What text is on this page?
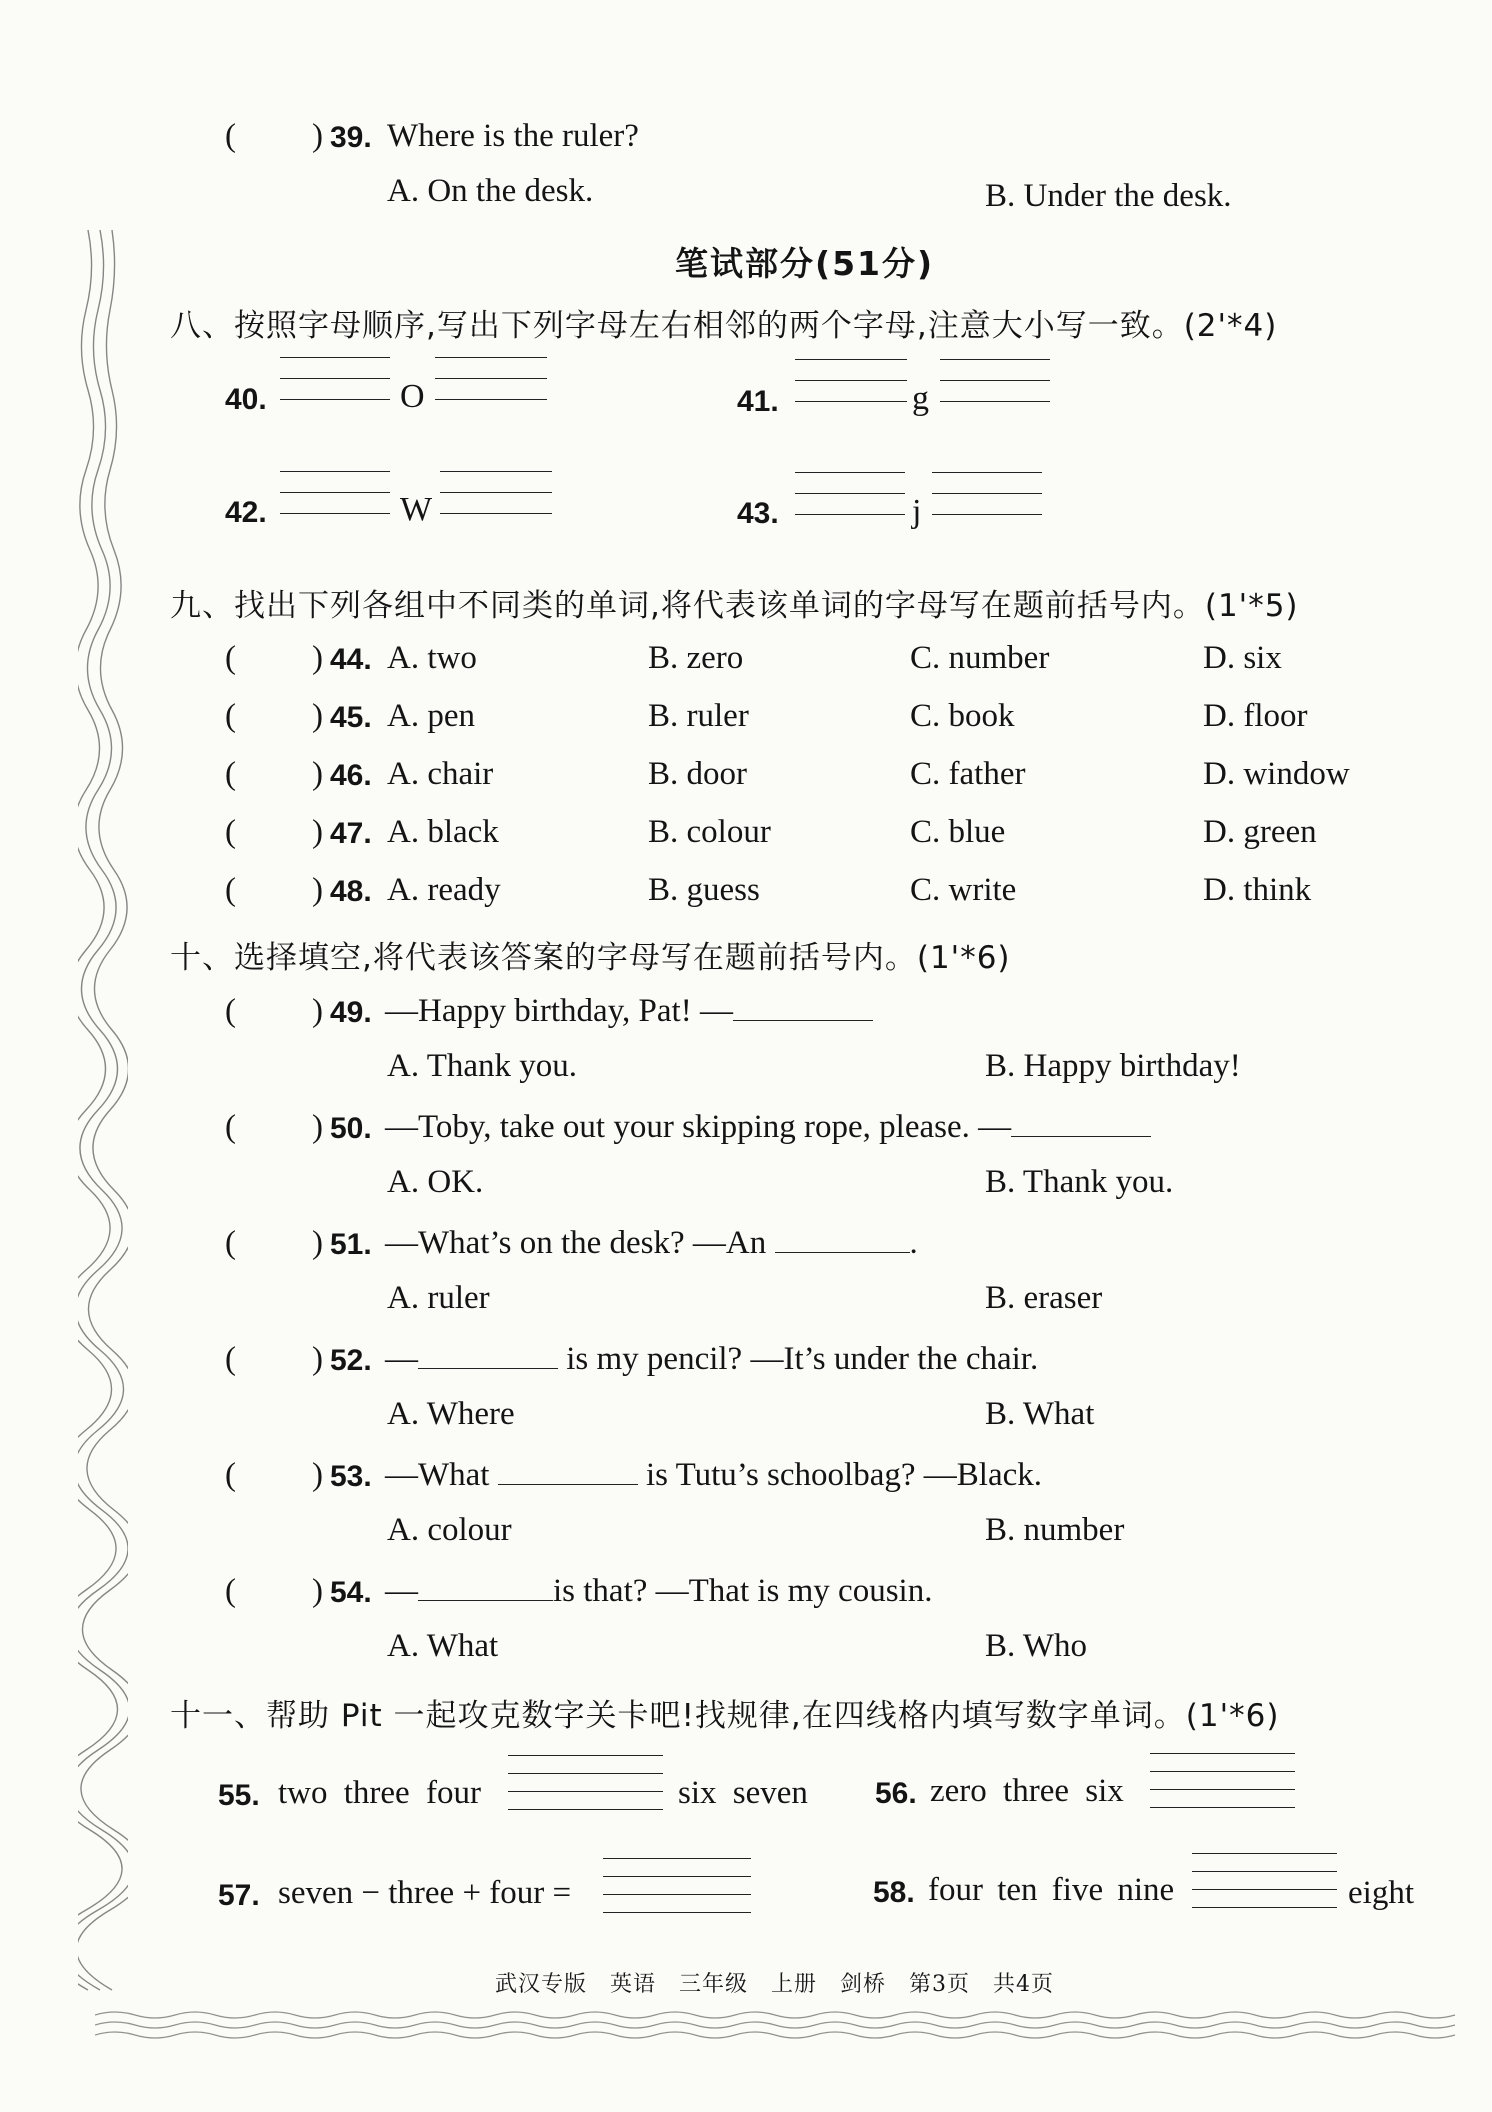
( ) 39. Where is the ruler?
A. On the desk.	B. Under the desk.
笔试部分(51分)
八、按照字母顺序,写出下列字母左右相邻的两个字母,注意大小写一致。(2'*4)
40.	O	41.	g
42.	W	43.	j
九、找出下列各组中不同类的单词,将代表该单词的字母写在题前括号内。(1'*5)
( ) 44. A. two	B. zero	C. number	D. six
( ) 45. A. pen	B. ruler	C. book	D. floor
( ) 46. A. chair	B. door	C. father	D. window
( ) 47. A. black	B. colour	C. blue	D. green
( ) 48. A. ready	B. guess	C. write	D. think
十、选择填空,将代表该答案的字母写在题前括号内。(1'*6)
( ) 49. —Happy birthday, Pat! —
A. Thank you.	B. Happy birthday!
( ) 50. —Toby, take out your skipping rope, please. —
A. OK.	B. Thank you.
( ) 51. —What’s on the desk? —An	.
A. ruler	B. eraser
( ) 52. —	is my pencil? —It’s under the chair.
A. Where	B. What
( ) 53. —What	is Tutu’s schoolbag? —Black.
A. colour	B. number
( ) 54. —	is that? —That is my cousin.
A. What	B. Who
十一、帮助 Pit 一起攻克数字关卡吧!找规律,在四线格内填写数字单词。(1'*6)
55. two three four	six seven 56. zero three six
57. seven − three + four =	58. four ten five nine	eight
武汉专版　英语　三年级　上册　剑桥　第3页　共4页
